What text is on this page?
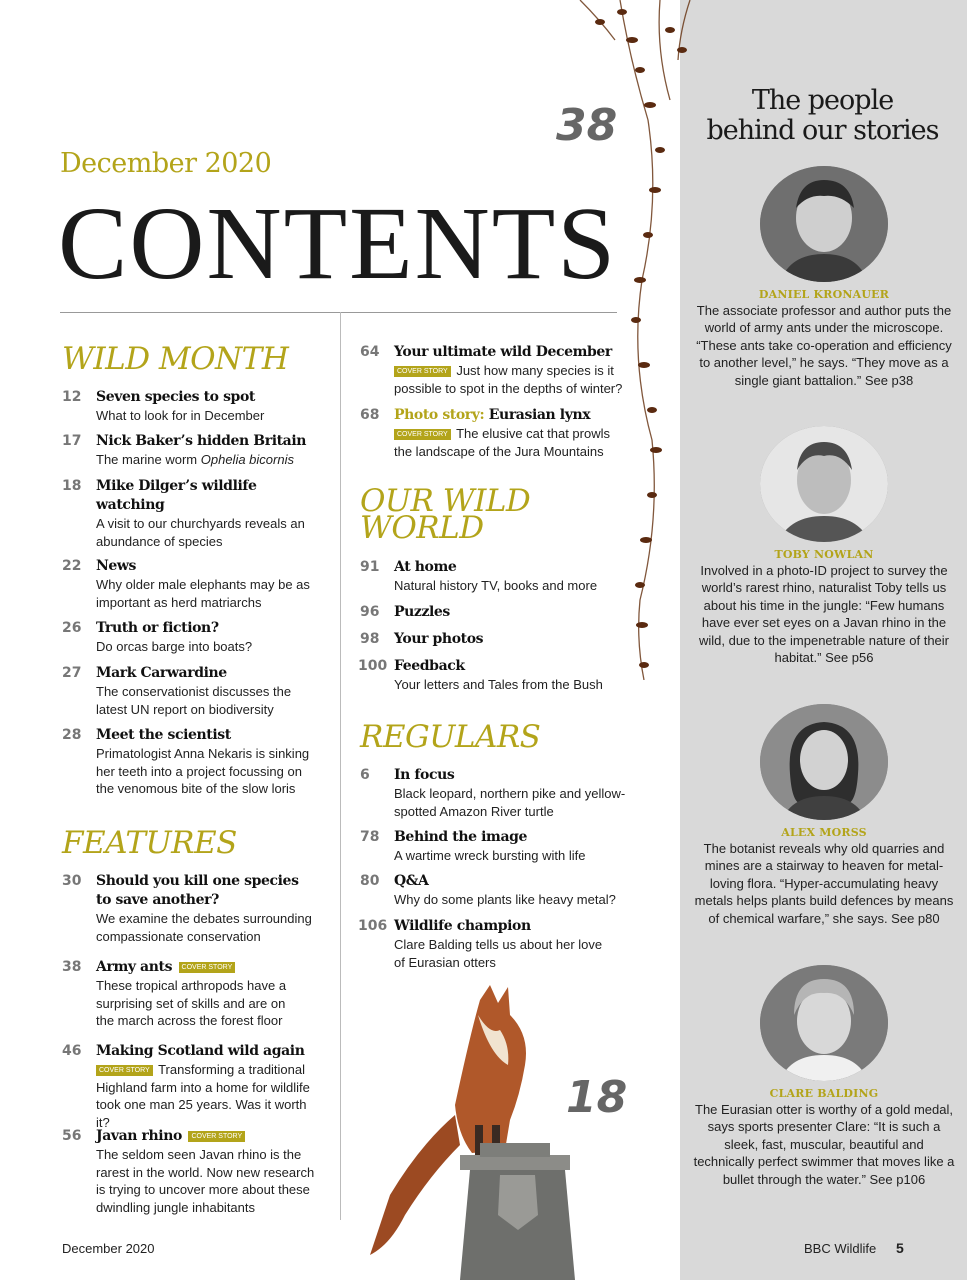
38
18
December 2020
CONTENTS
WILD MONTH
12	Seven species to spot
What to look for in December
17	Nick Baker’s hidden Britain
The marine worm Ophelia bicornis
18	Mike Dilger’s wildlife watching
A visit to our churchyards reveals an abundance of species
22	News
Why older male elephants may be as important as herd matriarchs
26	Truth or fiction?
Do orcas barge into boats?
27	Mark Carwardine
The conservationist discusses the latest UN report on biodiversity
28	Meet the scientist
Primatologist Anna Nekaris is sinking her teeth into a project focussing on the venomous bite of the slow loris
FEATURES
30	Should you kill one species to save another?
We examine the debates surrounding compassionate conservation
38	Army ants COVER STORY
These tropical arthropods have a surprising set of skills and are on the march across the forest floor
46	Making Scotland wild again
COVER STORY Transforming a traditional Highland farm into a home for wildlife took one man 25 years. Was it worth it?
56	Javan rhino COVER STORY
The seldom seen Javan rhino is the rarest in the world. Now new research is trying to uncover more about these dwindling jungle inhabitants
64	Your ultimate wild December
COVER STORY Just how many species is it possible to spot in the depths of winter?
68	Photo story: Eurasian lynx
COVER STORY The elusive cat that prowls the landscape of the Jura Mountains
OUR WILD
WORLD
91	At home
Natural history TV, books and more
96	Puzzles
98	Your photos
100 Feedback
Your letters and Tales from the Bush
REGULARS
6	In focus
Black leopard, northern pike and yellow-spotted Amazon River turtle
78	Behind the image
A wartime wreck bursting with life
80	Q&A
Why do some plants like heavy metal?
106 Wildlife champion
Clare Balding tells us about her love of Eurasian otters
The people
behind our stories
DANIEL KRONAUER
The associate professor and author puts the world of army ants under the microscope. “These ants take co-operation and efficiency to another level,” he says. “They move as a single giant battalion.” See p38
TOBY NOWLAN
Involved in a photo-ID project to survey the world’s rarest rhino, naturalist Toby tells us about his time in the jungle: “Few humans have ever set eyes on a Javan rhino in the wild, due to the impenetrable nature of their habitat.” See p56
ALEX MORSS
The botanist reveals why old quarries and mines are a stairway to heaven for metal-loving flora. “Hyper-accumulating heavy metals helps plants build defences by means of chemical warfare,” she says. See p80
CLARE BALDING
The Eurasian otter is worthy of a gold medal, says sports presenter Clare: “It is such a sleek, fast, muscular, beautiful and technically perfect swimmer that moves like a bullet through the water.” See p106
December 2020	BBC Wildlife 5
